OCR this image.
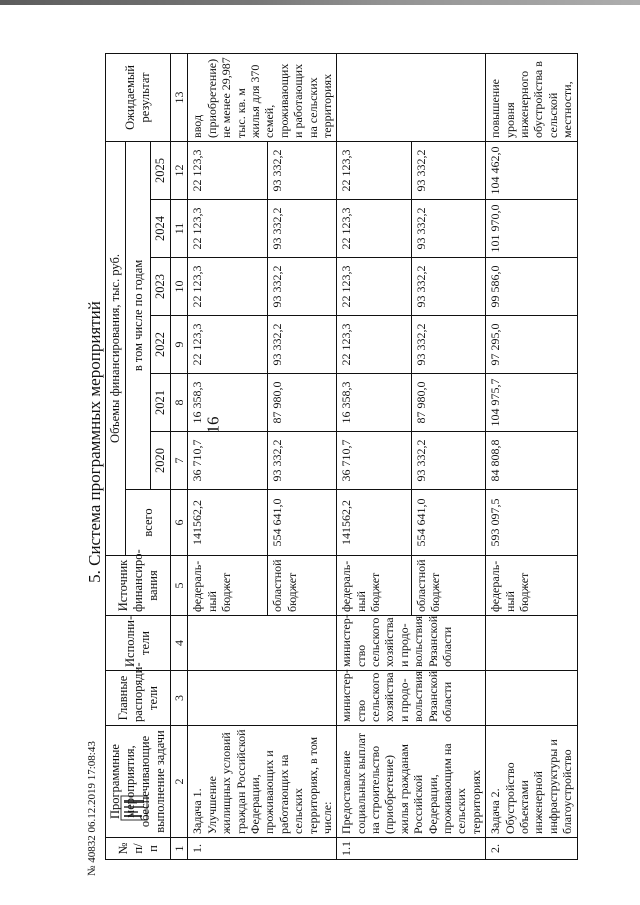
16
5. Система программных мероприятий
№ 40832 06.12.2019 17:08:43 № п/п	Программные мероприятия, обеспечивающие выполнение задачи	Главные распоряди-тели	Исполни-тели	Источник финансиро-вания	Объемы финансирования, тыс. руб.							Ожидаемый результат
					всего	в том числе по годам						
						2020	2021	2022	2023	2024	2025	
1	2	3	4	5	6	7	8	9	10	11	12	13
1.	Задача 1. Улучшение жилищных условий граждан Российской Федерации, проживающих и работающих на сельских территориях, в том числе:			федераль-ный бюджет	141562,2	36 710,7	16 358,3	22 123,3	22 123,3	22 123,3	22 123,3	ввод (приобретение) не менее 29,987 тыс. кв. м жилья для 370 семей, проживающих и работающих на сельских территориях
				областной бюджет	554 641,0	93 332,2	87 980,0	93 332,2	93 332,2	93 332,2	93 332,2	
1.1	Предоставление социальных выплат на строительство (приобретение) жилья гражданам Российской Федерации, проживающим на сельских территориях	министер-ство сельского хозяйства и продо-вольствия Рязанской области	министер-ство сельского хозяйства и продо-вольствия Рязанской области	федераль-ный бюджет	141562,2	36 710,7	16 358,3	22 123,3	22 123,3	22 123,3	22 123,3	
				областной бюджет	554 641,0	93 332,2	87 980,0	93 332,2	93 332,2	93 332,2	93 332,2	
2.	Задача 2. Обустройство объектами инженерной инфраструктуры и благоустройство			федераль-ный бюджет	593 097,5	84 808,8	104 975,7	97 295,0	99 586,0	101 970,0	104 462,0	повышение уровня инженерного обустройства в сельской местности,
